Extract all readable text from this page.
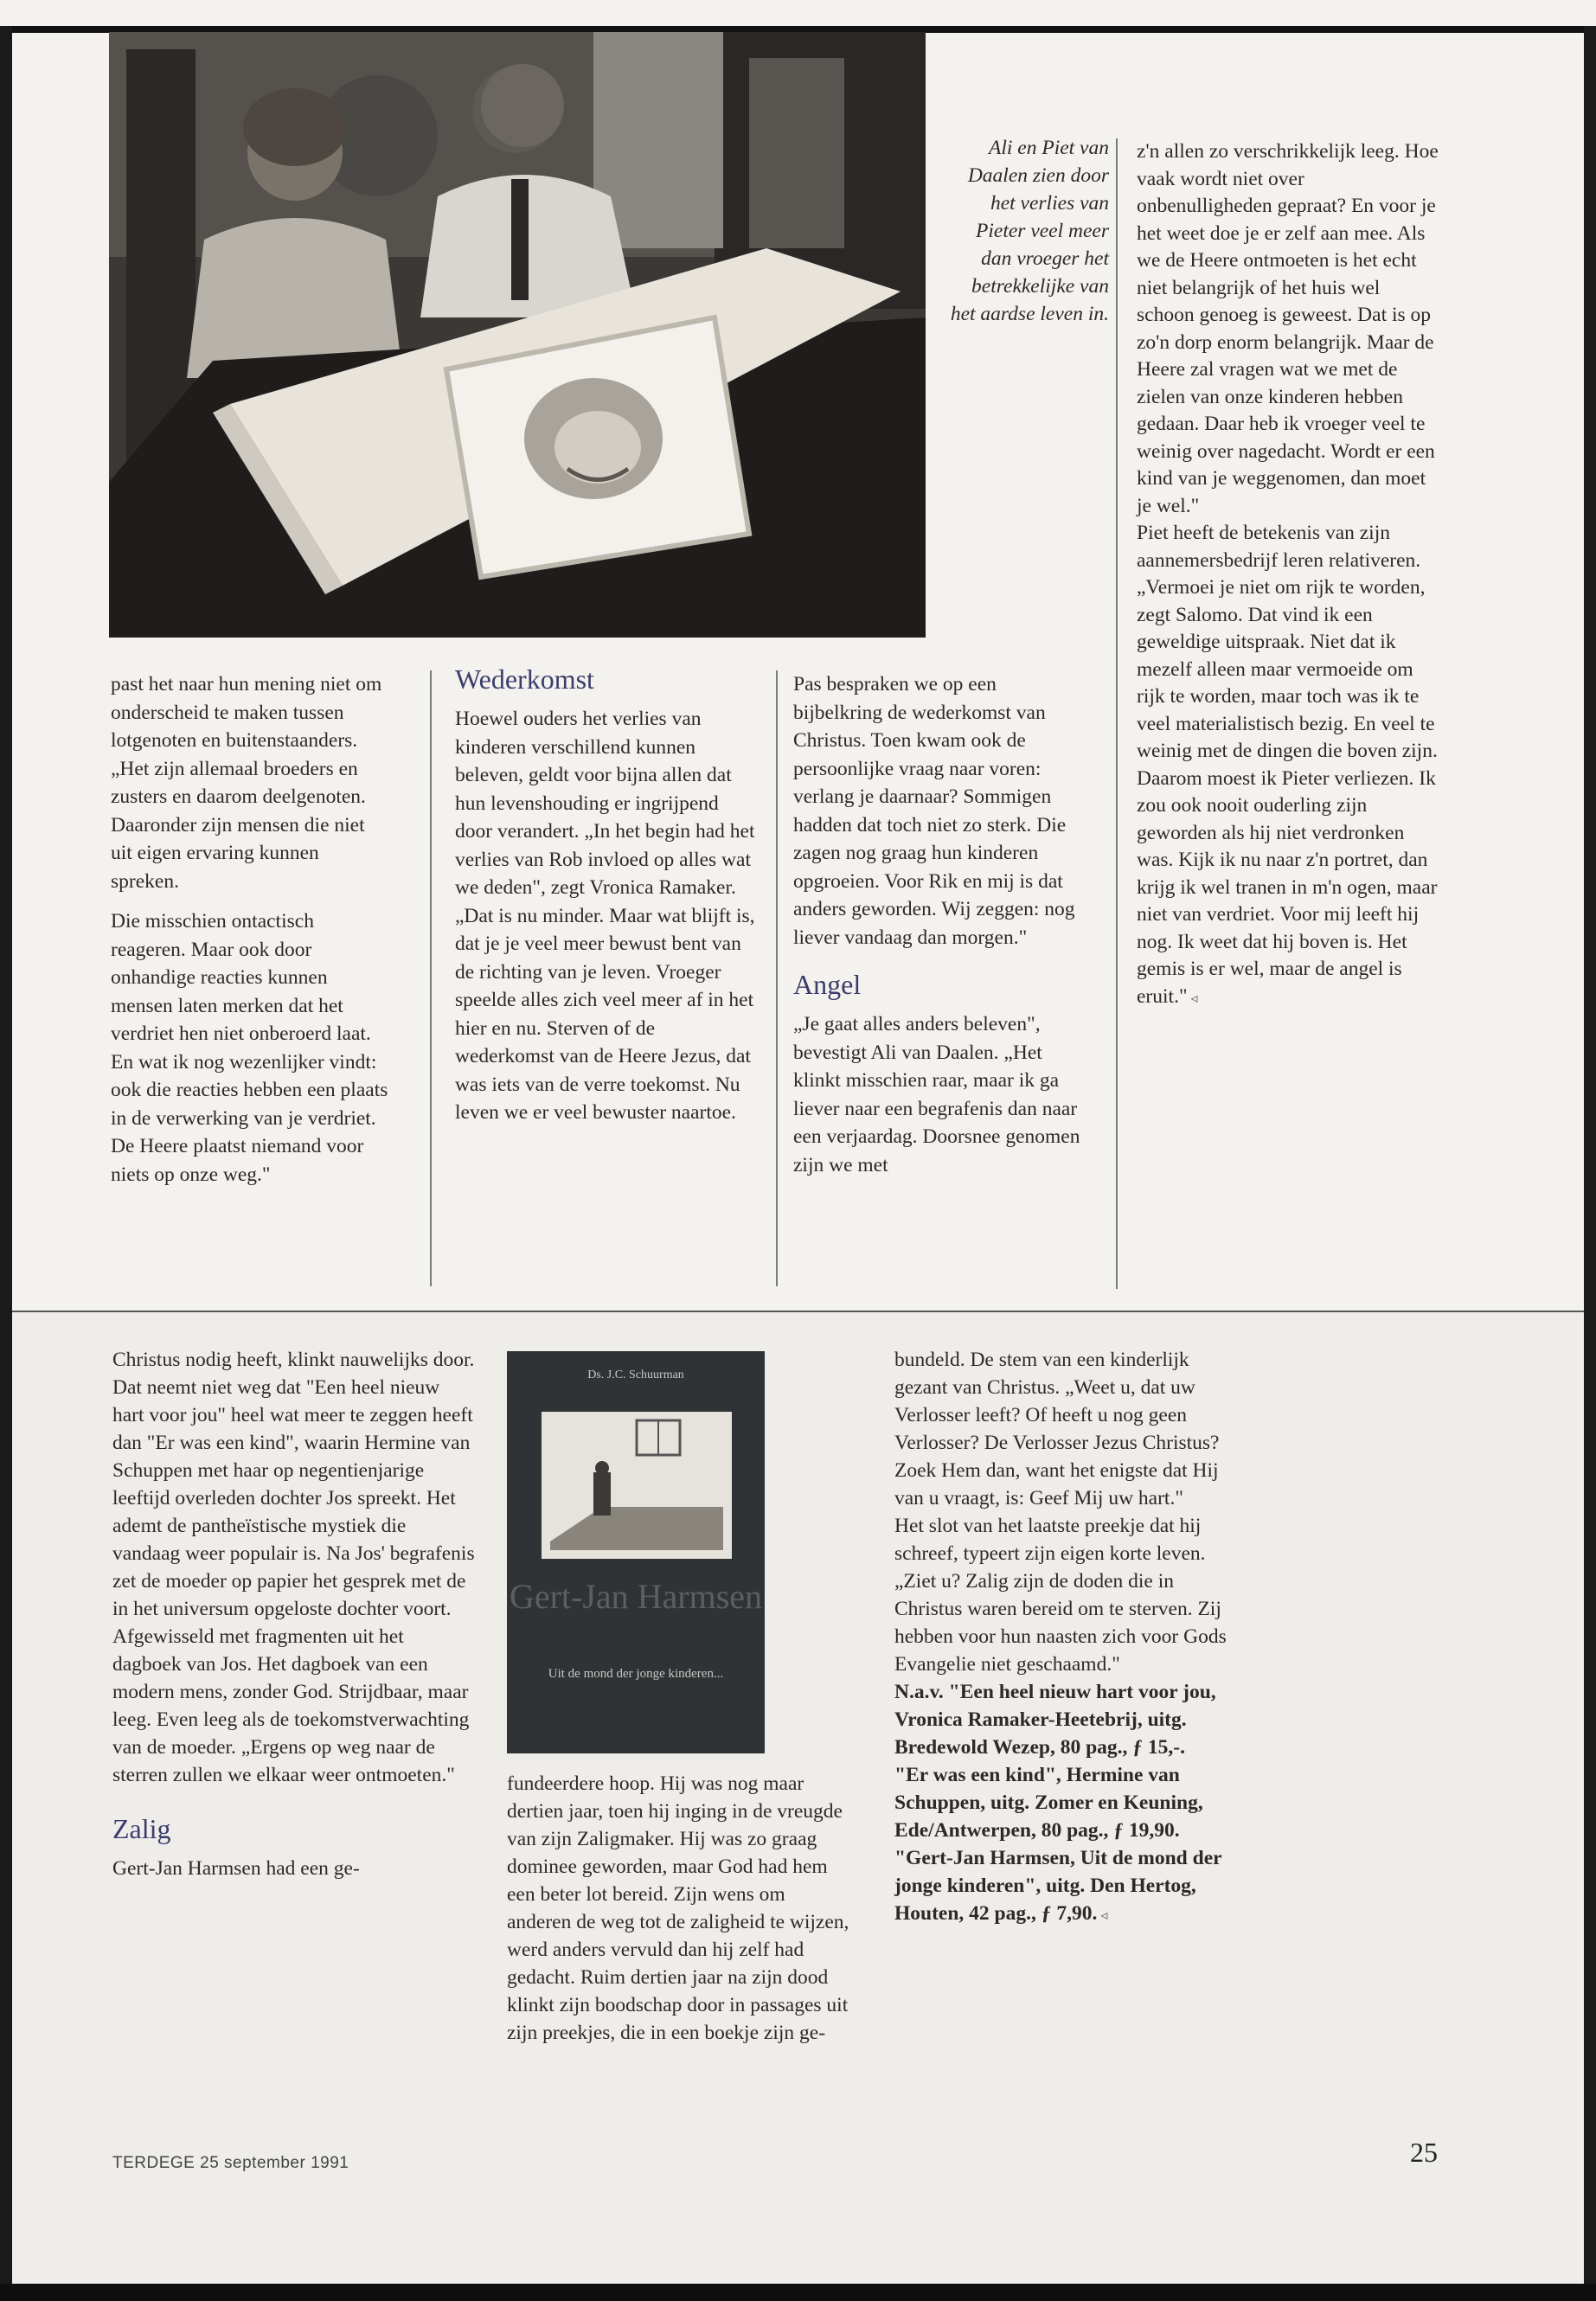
Ali en Piet van Daalen zien door het verlies van Pieter veel meer dan vroeger het betrekkelijke van het aardse leven in.

past het naar hun mening niet om onderscheid te maken tussen lotgenoten en buitenstaanders. „Het zijn allemaal broeders en zusters en daarom deelgenoten. Daaronder zijn mensen die niet uit eigen ervaring kunnen spreken.

Die misschien ontactisch reageren. Maar ook door onhandige reacties kunnen mensen laten merken dat het verdriet hen niet onberoerd laat. En wat ik nog wezenlijker vindt: ook die reacties hebben een plaats in de verwerking van je verdriet. De Heere plaatst niemand voor niets op onze weg."

Wederkomst

Hoewel ouders het verlies van kinderen verschillend kunnen beleven, geldt voor bijna allen dat hun levenshouding er ingrijpend door verandert. „In het begin had het verlies van Rob invloed op alles wat we deden", zegt Vronica Ramaker. „Dat is nu minder. Maar wat blijft is, dat je je veel meer bewust bent van de richting van je leven. Vroeger speelde alles zich veel meer af in het hier en nu. Sterven of de wederkomst van de Heere Jezus, dat was iets van de verre toekomst. Nu leven we er veel bewuster naartoe.

Pas bespraken we op een bijbelkring de wederkomst van Christus. Toen kwam ook de persoonlijke vraag naar voren: verlang je daarnaar? Sommigen hadden dat toch niet zo sterk. Die zagen nog graag hun kinderen opgroeien. Voor Rik en mij is dat anders geworden. Wij zeggen: nog liever vandaag dan morgen."

Angel

„Je gaat alles anders beleven", bevestigt Ali van Daalen. „Het klinkt misschien raar, maar ik ga liever naar een begrafenis dan naar een verjaardag. Doorsnee genomen zijn we met

z'n allen zo verschrikkelijk leeg. Hoe vaak wordt niet over onbenulligheden gepraat? En voor je het weet doe je er zelf aan mee. Als we de Heere ontmoeten is het echt niet belangrijk of het huis wel schoon genoeg is geweest. Dat is op zo'n dorp enorm belangrijk. Maar de Heere zal vragen wat we met de zielen van onze kinderen hebben gedaan. Daar heb ik vroeger veel te weinig over nagedacht. Wordt er een kind van je weggenomen, dan moet je wel."
Piet heeft de betekenis van zijn aannemersbedrijf leren relativeren. „Vermoei je niet om rijk te worden, zegt Salomo. Dat vind ik een geweldige uitspraak. Niet dat ik mezelf alleen maar vermoeide om rijk te worden, maar toch was ik te veel materialistisch bezig. En veel te weinig met de dingen die boven zijn. Daarom moest ik Pieter verliezen. Ik zou ook nooit ouderling zijn geworden als hij niet verdronken was. Kijk ik nu naar z'n portret, dan krijg ik wel tranen in m'n ogen, maar niet van verdriet. Voor mij leeft hij nog. Ik weet dat hij boven is. Het gemis is er wel, maar de angel is eruit." ◃

Christus nodig heeft, klinkt nauwelijks door.
Dat neemt niet weg dat "Een heel nieuw hart voor jou" heel wat meer te zeggen heeft dan "Er was een kind", waarin Hermine van Schuppen met haar op negentienjarige leeftijd overleden dochter Jos spreekt. Het ademt de pantheïstische mystiek die vandaag weer populair is. Na Jos' begrafenis zet de moeder op papier het gesprek met de in het universum opgeloste dochter voort. Afgewisseld met fragmenten uit het dagboek van Jos. Het dagboek van een modern mens, zonder God. Strijdbaar, maar leeg. Even leeg als de toekomstverwachting van de moeder. „Ergens op weg naar de sterren zullen we elkaar weer ontmoeten."

Zalig

Gert-Jan Harmsen had een ge-

Ds. J.C. Schuurman
Gert-Jan Harmsen
Uit de mond der jonge kinderen...

fundeerdere hoop. Hij was nog maar dertien jaar, toen hij inging in de vreugde van zijn Zaligmaker. Hij was zo graag dominee geworden, maar God had hem een beter lot bereid. Zijn wens om anderen de weg tot de zaligheid te wijzen, werd anders vervuld dan hij zelf had gedacht. Ruim dertien jaar na zijn dood klinkt zijn boodschap door in passages uit zijn preekjes, die in een boekje zijn ge-

bundeld. De stem van een kinderlijk gezant van Christus. „Weet u, dat uw Verlosser leeft? Of heeft u nog geen Verlosser? De Verlosser Jezus Christus? Zoek Hem dan, want het enigste dat Hij van u vraagt, is: Geef Mij uw hart."
Het slot van het laatste preekje dat hij schreef, typeert zijn eigen korte leven. „Ziet u? Zalig zijn de doden die in Christus waren bereid om te sterven. Zij hebben voor hun naasten zich voor Gods Evangelie niet geschaamd."

N.a.v. "Een heel nieuw hart voor jou, Vronica Ramaker-Heetebrij, uitg. Bredewold Wezep, 80 pag., ƒ 15,-.

"Er was een kind", Hermine van Schuppen, uitg. Zomer en Keuning, Ede/Antwerpen, 80 pag., ƒ 19,90.

"Gert-Jan Harmsen, Uit de mond der jonge kinderen", uitg. Den Hertog, Houten, 42 pag., ƒ 7,90. ◃

TERDEGE 25 september 1991	25
